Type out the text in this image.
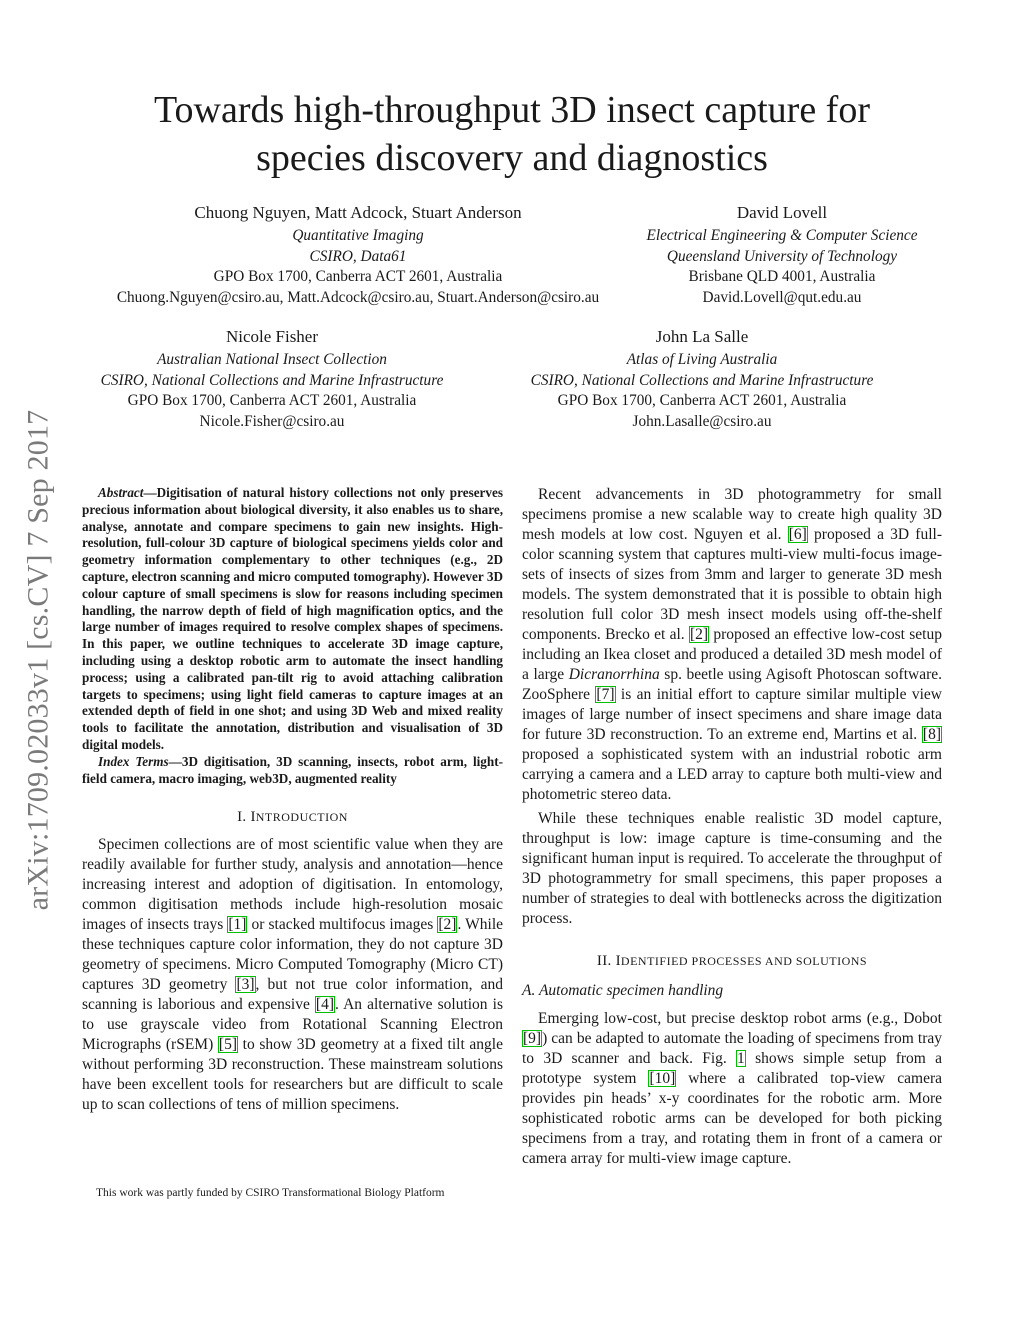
arXiv:1709.02033v1 [cs.CV] 7 Sep 2017
Towards high-throughput 3D insect capture for
species discovery and diagnostics
Chuong Nguyen, Matt Adcock, Stuart Anderson
Quantitative Imaging
CSIRO, Data61
GPO Box 1700, Canberra ACT 2601, Australia
Chuong.Nguyen@csiro.au, Matt.Adcock@csiro.au, Stuart.Anderson@csiro.au
David Lovell
Electrical Engineering & Computer Science
Queensland University of Technology
Brisbane QLD 4001, Australia
David.Lovell@qut.edu.au
Nicole Fisher
Australian National Insect Collection
CSIRO, National Collections and Marine Infrastructure
GPO Box 1700, Canberra ACT 2601, Australia
Nicole.Fisher@csiro.au
John La Salle
Atlas of Living Australia
CSIRO, National Collections and Marine Infrastructure
GPO Box 1700, Canberra ACT 2601, Australia
John.Lasalle@csiro.au

Abstract—Digitisation of natural history collections not only preserves precious information about biological diversity, it also enables us to share, analyse, annotate and compare specimens to gain new insights. High-resolution, full-colour 3D capture of biological specimens yields color and geometry information complementary to other techniques (e.g., 2D capture, electron scanning and micro computed tomography). However 3D colour capture of small specimens is slow for reasons including specimen handling, the narrow depth of field of high magnification optics, and the large number of images required to resolve complex shapes of specimens. In this paper, we outline techniques to accelerate 3D image capture, including using a desktop robotic arm to automate the insect handling process; using a calibrated pan-tilt rig to avoid attaching calibration targets to specimens; using light field cameras to capture images at an extended depth of field in one shot; and using 3D Web and mixed reality tools to facilitate the annotation, distribution and visualisation of 3D digital models.

Index Terms—3D digitisation, 3D scanning, insects, robot arm, light-field camera, macro imaging, web3D, augmented reality

I. INTRODUCTION

Specimen collections are of most scientific value when they are readily available for further study, analysis and annotation—hence increasing interest and adoption of digitisation. In entomology, common digitisation methods include high-resolution mosaic images of insects trays [1] or stacked multifocus images [2]. While these techniques capture color information, they do not capture 3D geometry of specimens. Micro Computed Tomography (Micro CT) captures 3D geometry [3], but not true color information, and scanning is laborious and expensive [4]. An alternative solution is to use grayscale video from Rotational Scanning Electron Micrographs (rSEM) [5] to show 3D geometry at a fixed tilt angle without performing 3D reconstruction. These mainstream solutions have been excellent tools for researchers but are difficult to scale up to scan collections of tens of million specimens.

This work was partly funded by CSIRO Transformational Biology Platform

Recent advancements in 3D photogrammetry for small specimens promise a new scalable way to create high quality 3D mesh models at low cost. Nguyen et al. [6] proposed a 3D full-color scanning system that captures multi-view multi-focus image-sets of insects of sizes from 3mm and larger to generate 3D mesh models. The system demonstrated that it is possible to obtain high resolution full color 3D mesh insect models using off-the-shelf components. Brecko et al. [2] proposed an effective low-cost setup including an Ikea closet and produced a detailed 3D mesh model of a large Dicranorrhina sp. beetle using Agisoft Photoscan software. ZooSphere [7] is an initial effort to capture similar multiple view images of large number of insect specimens and share image data for future 3D reconstruction. To an extreme end, Martins et al. [8] proposed a sophisticated system with an industrial robotic arm carrying a camera and a LED array to capture both multi-view and photometric stereo data.

While these techniques enable realistic 3D model capture, throughput is low: image capture is time-consuming and the significant human input is required. To accelerate the throughput of 3D photogrammetry for small specimens, this paper proposes a number of strategies to deal with bottlenecks across the digitization process.

II. IDENTIFIED PROCESSES AND SOLUTIONS
A. Automatic specimen handling

Emerging low-cost, but precise desktop robot arms (e.g., Dobot [9]) can be adapted to automate the loading of specimens from tray to 3D scanner and back. Fig. 1 shows simple setup from a prototype system [10] where a calibrated top-view camera provides pin heads’ x-y coordinates for the robotic arm. More sophisticated robotic arms can be developed for both picking specimens from a tray, and rotating them in front of a camera or camera array for multi-view image capture.
